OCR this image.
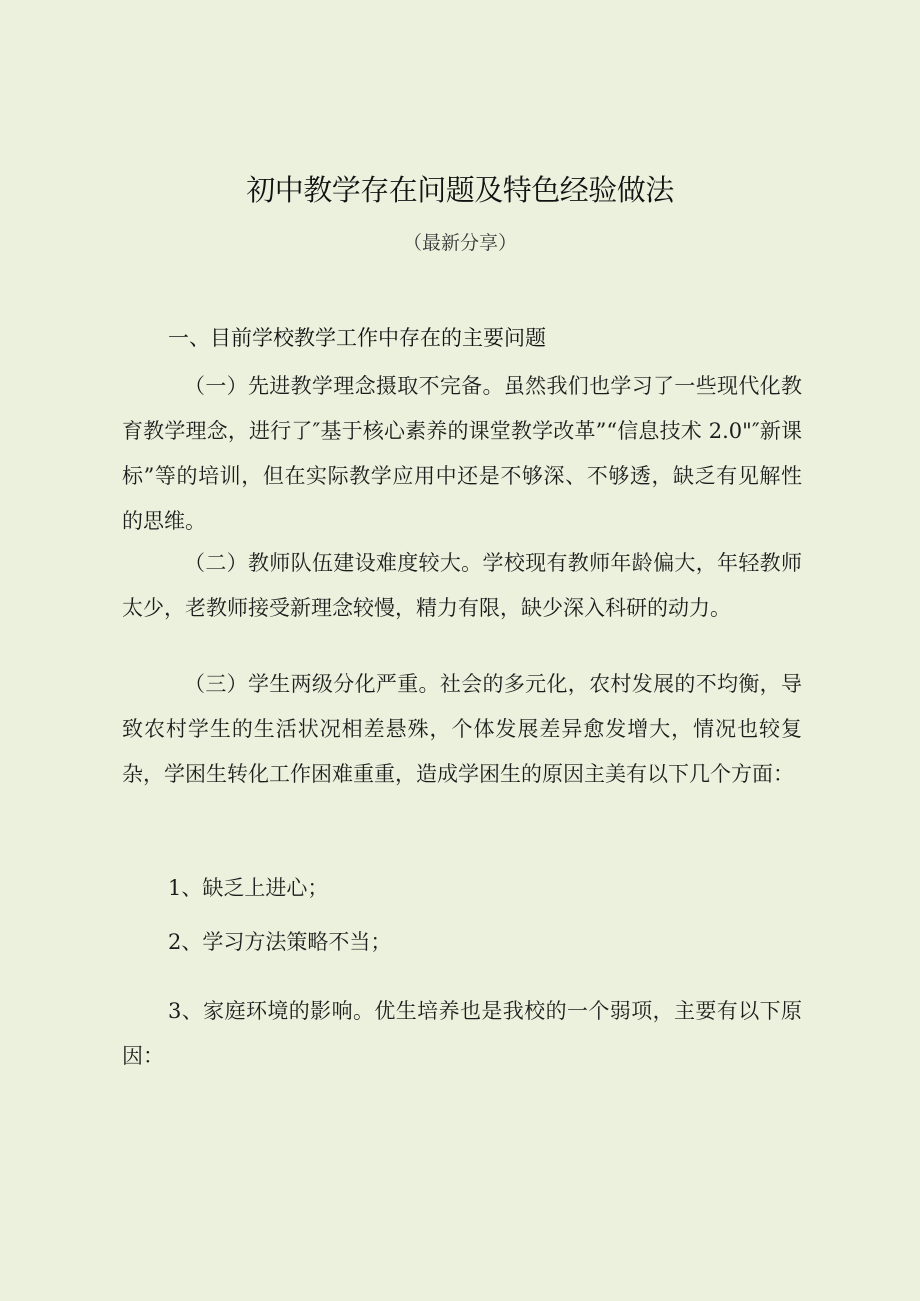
初中教学存在问题及特色经验做法
（最新分享）
一、目前学校教学工作中存在的主要问题
（一）先进教学理念摄取不完备。虽然我们也学习了一些现代化教育教学理念，进行了″基于核心素养的课堂教学改革”“信息技术 2.0"″新课标”等的培训，但在实际教学应用中还是不够深、不够透，缺乏有见解性的思维。
（二）教师队伍建设难度较大。学校现有教师年龄偏大，年轻教师太少，老教师接受新理念较慢，精力有限，缺少深入科研的动力。
（三）学生两级分化严重。社会的多元化，农村发展的不均衡，导致农村学生的生活状况相差悬殊，个体发展差异愈发增大，情况也较复杂，学困生转化工作困难重重，造成学困生的原因主美有以下几个方面：
1、缺乏上进心；
2、学习方法策略不当；
3、家庭环境的影响。优生培养也是我校的一个弱项，主要有以下原因：
